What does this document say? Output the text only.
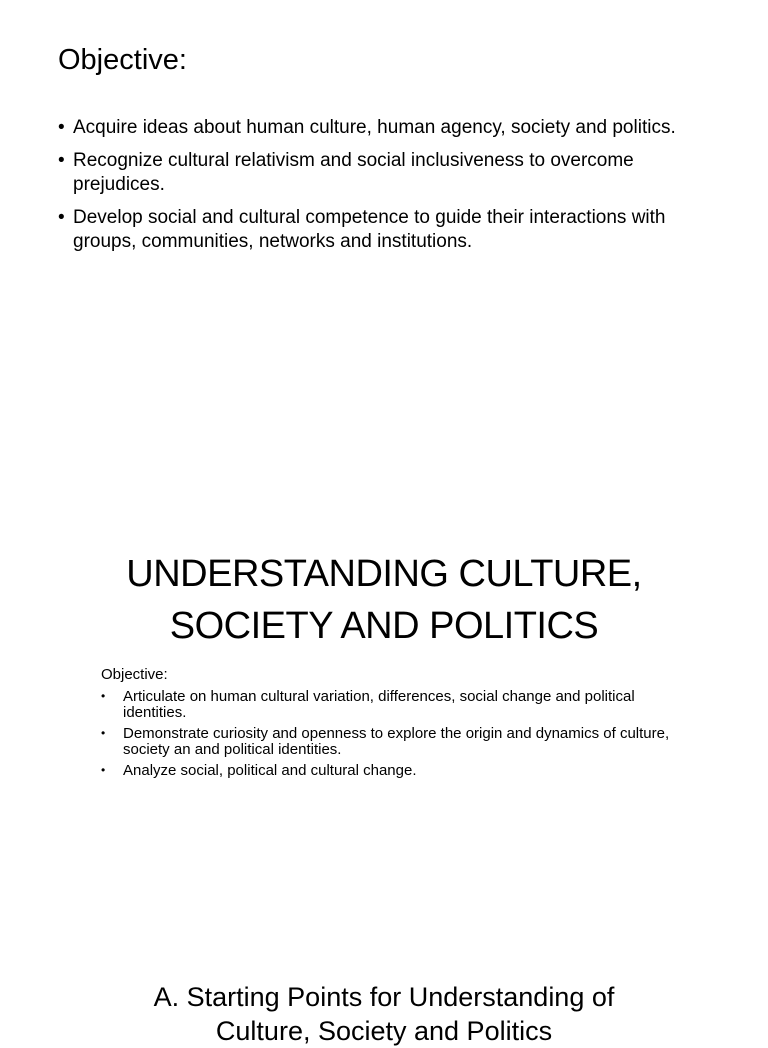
Objective:
• Acquire ideas about human culture, human agency, society and politics.
• Recognize cultural relativism and social inclusiveness to overcome prejudices.
• Develop social and cultural competence to guide their interactions with groups, communities, networks and institutions.
UNDERSTANDING CULTURE,
SOCIETY AND POLITICS
Objective:
• Articulate on human cultural variation, differences, social change and political identities.
• Demonstrate curiosity and openness to explore the origin and dynamics of culture, society an and political identities.
• Analyze social, political and cultural change.
A. Starting Points for Understanding of
Culture, Society and Politics
